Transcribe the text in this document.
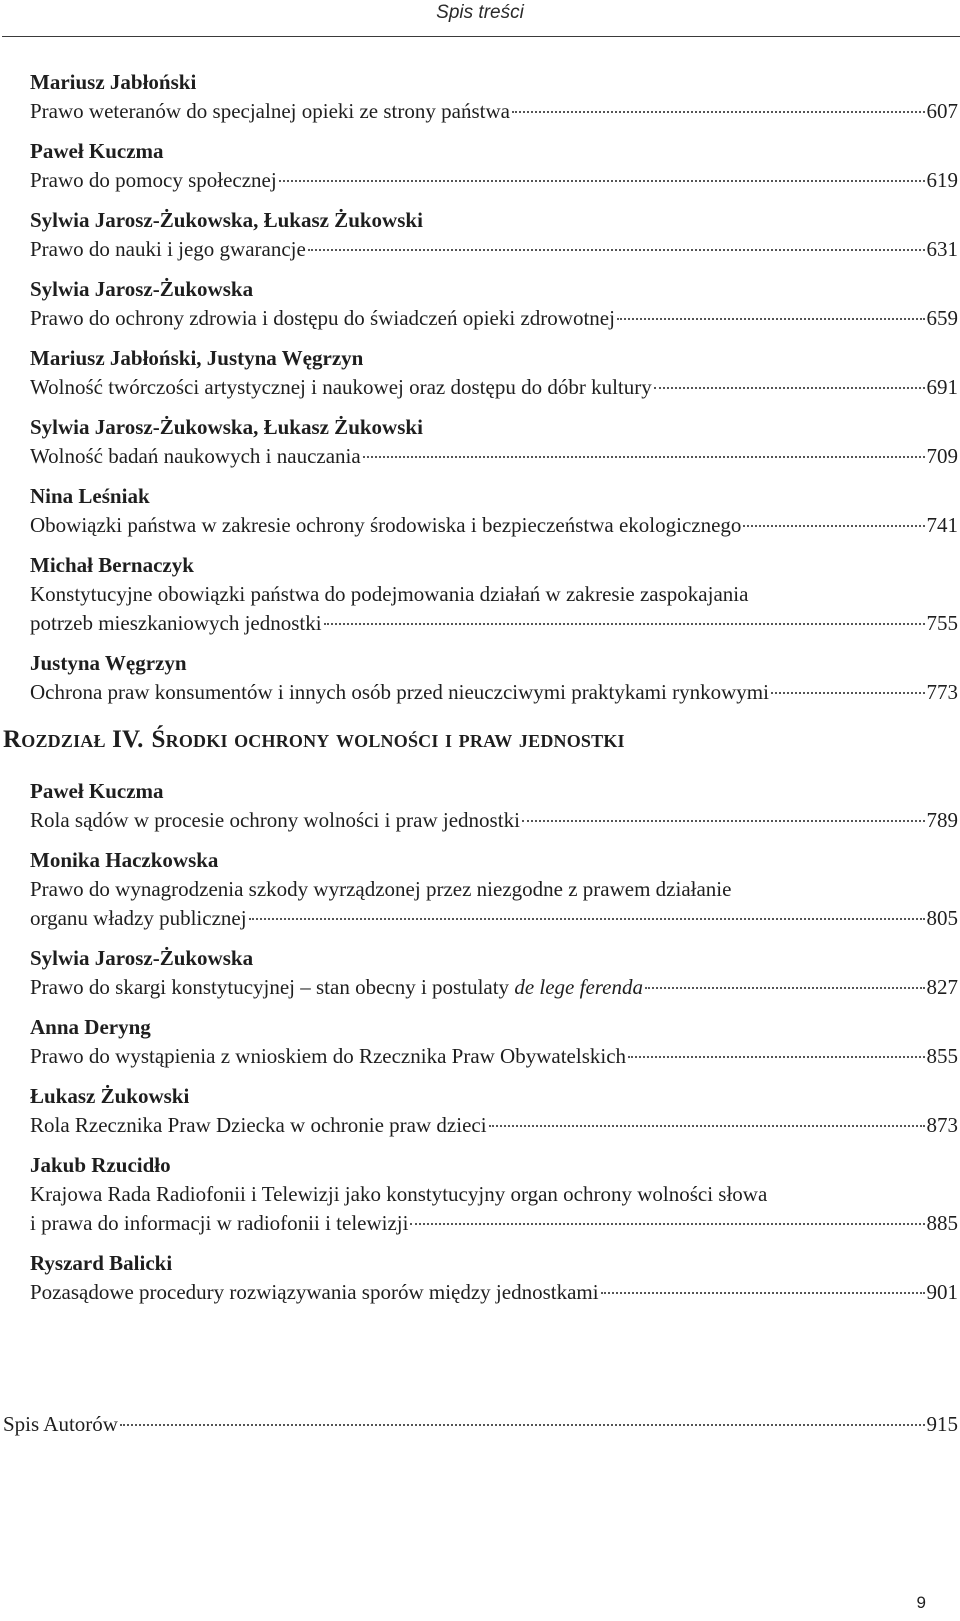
Spis treści
Mariusz Jabłoński
Prawo weteranów do specjalnej opieki ze strony państwa	607
Paweł Kuczma
Prawo do pomocy społecznej	619
Sylwia Jarosz-Żukowska, Łukasz Żukowski
Prawo do nauki i jego gwarancje	631
Sylwia Jarosz-Żukowska
Prawo do ochrony zdrowia i dostępu do świadczeń opieki zdrowotnej	659
Mariusz Jabłoński, Justyna Węgrzyn
Wolność twórczości artystycznej i naukowej oraz dostępu do dóbr kultury	691
Sylwia Jarosz-Żukowska, Łukasz Żukowski
Wolność badań naukowych i nauczania	709
Nina Leśniak
Obowiązki państwa w zakresie ochrony środowiska i bezpieczeństwa ekologicznego	741
Michał Bernaczyk
Konstytucyjne obowiązki państwa do podejmowania działań w zakresie zaspokajania
potrzeb mieszkaniowych jednostki	755
Justyna Węgrzyn
Ochrona praw konsumentów i innych osób przed nieuczciwymi praktykami rynkowymi	773
Rozdział IV. Środki ochrony wolności i praw jednostki
Paweł Kuczma
Rola sądów w procesie ochrony wolności i praw jednostki	789
Monika Haczkowska
Prawo do wynagrodzenia szkody wyrządzonej przez niezgodne z prawem działanie
organu władzy publicznej	805
Sylwia Jarosz-Żukowska
Prawo do skargi konstytucyjnej – stan obecny i postulaty de lege ferenda	827
Anna Deryng
Prawo do wystąpienia z wnioskiem do Rzecznika Praw Obywatelskich	855
Łukasz Żukowski
Rola Rzecznika Praw Dziecka w ochronie praw dzieci	873
Jakub Rzucidło
Krajowa Rada Radiofonii i Telewizji jako konstytucyjny organ ochrony wolności słowa
i prawa do informacji w radiofonii i telewizji	885
Ryszard Balicki
Pozasądowe procedury rozwiązywania sporów między jednostkami	901
Spis Autorów	915
9
